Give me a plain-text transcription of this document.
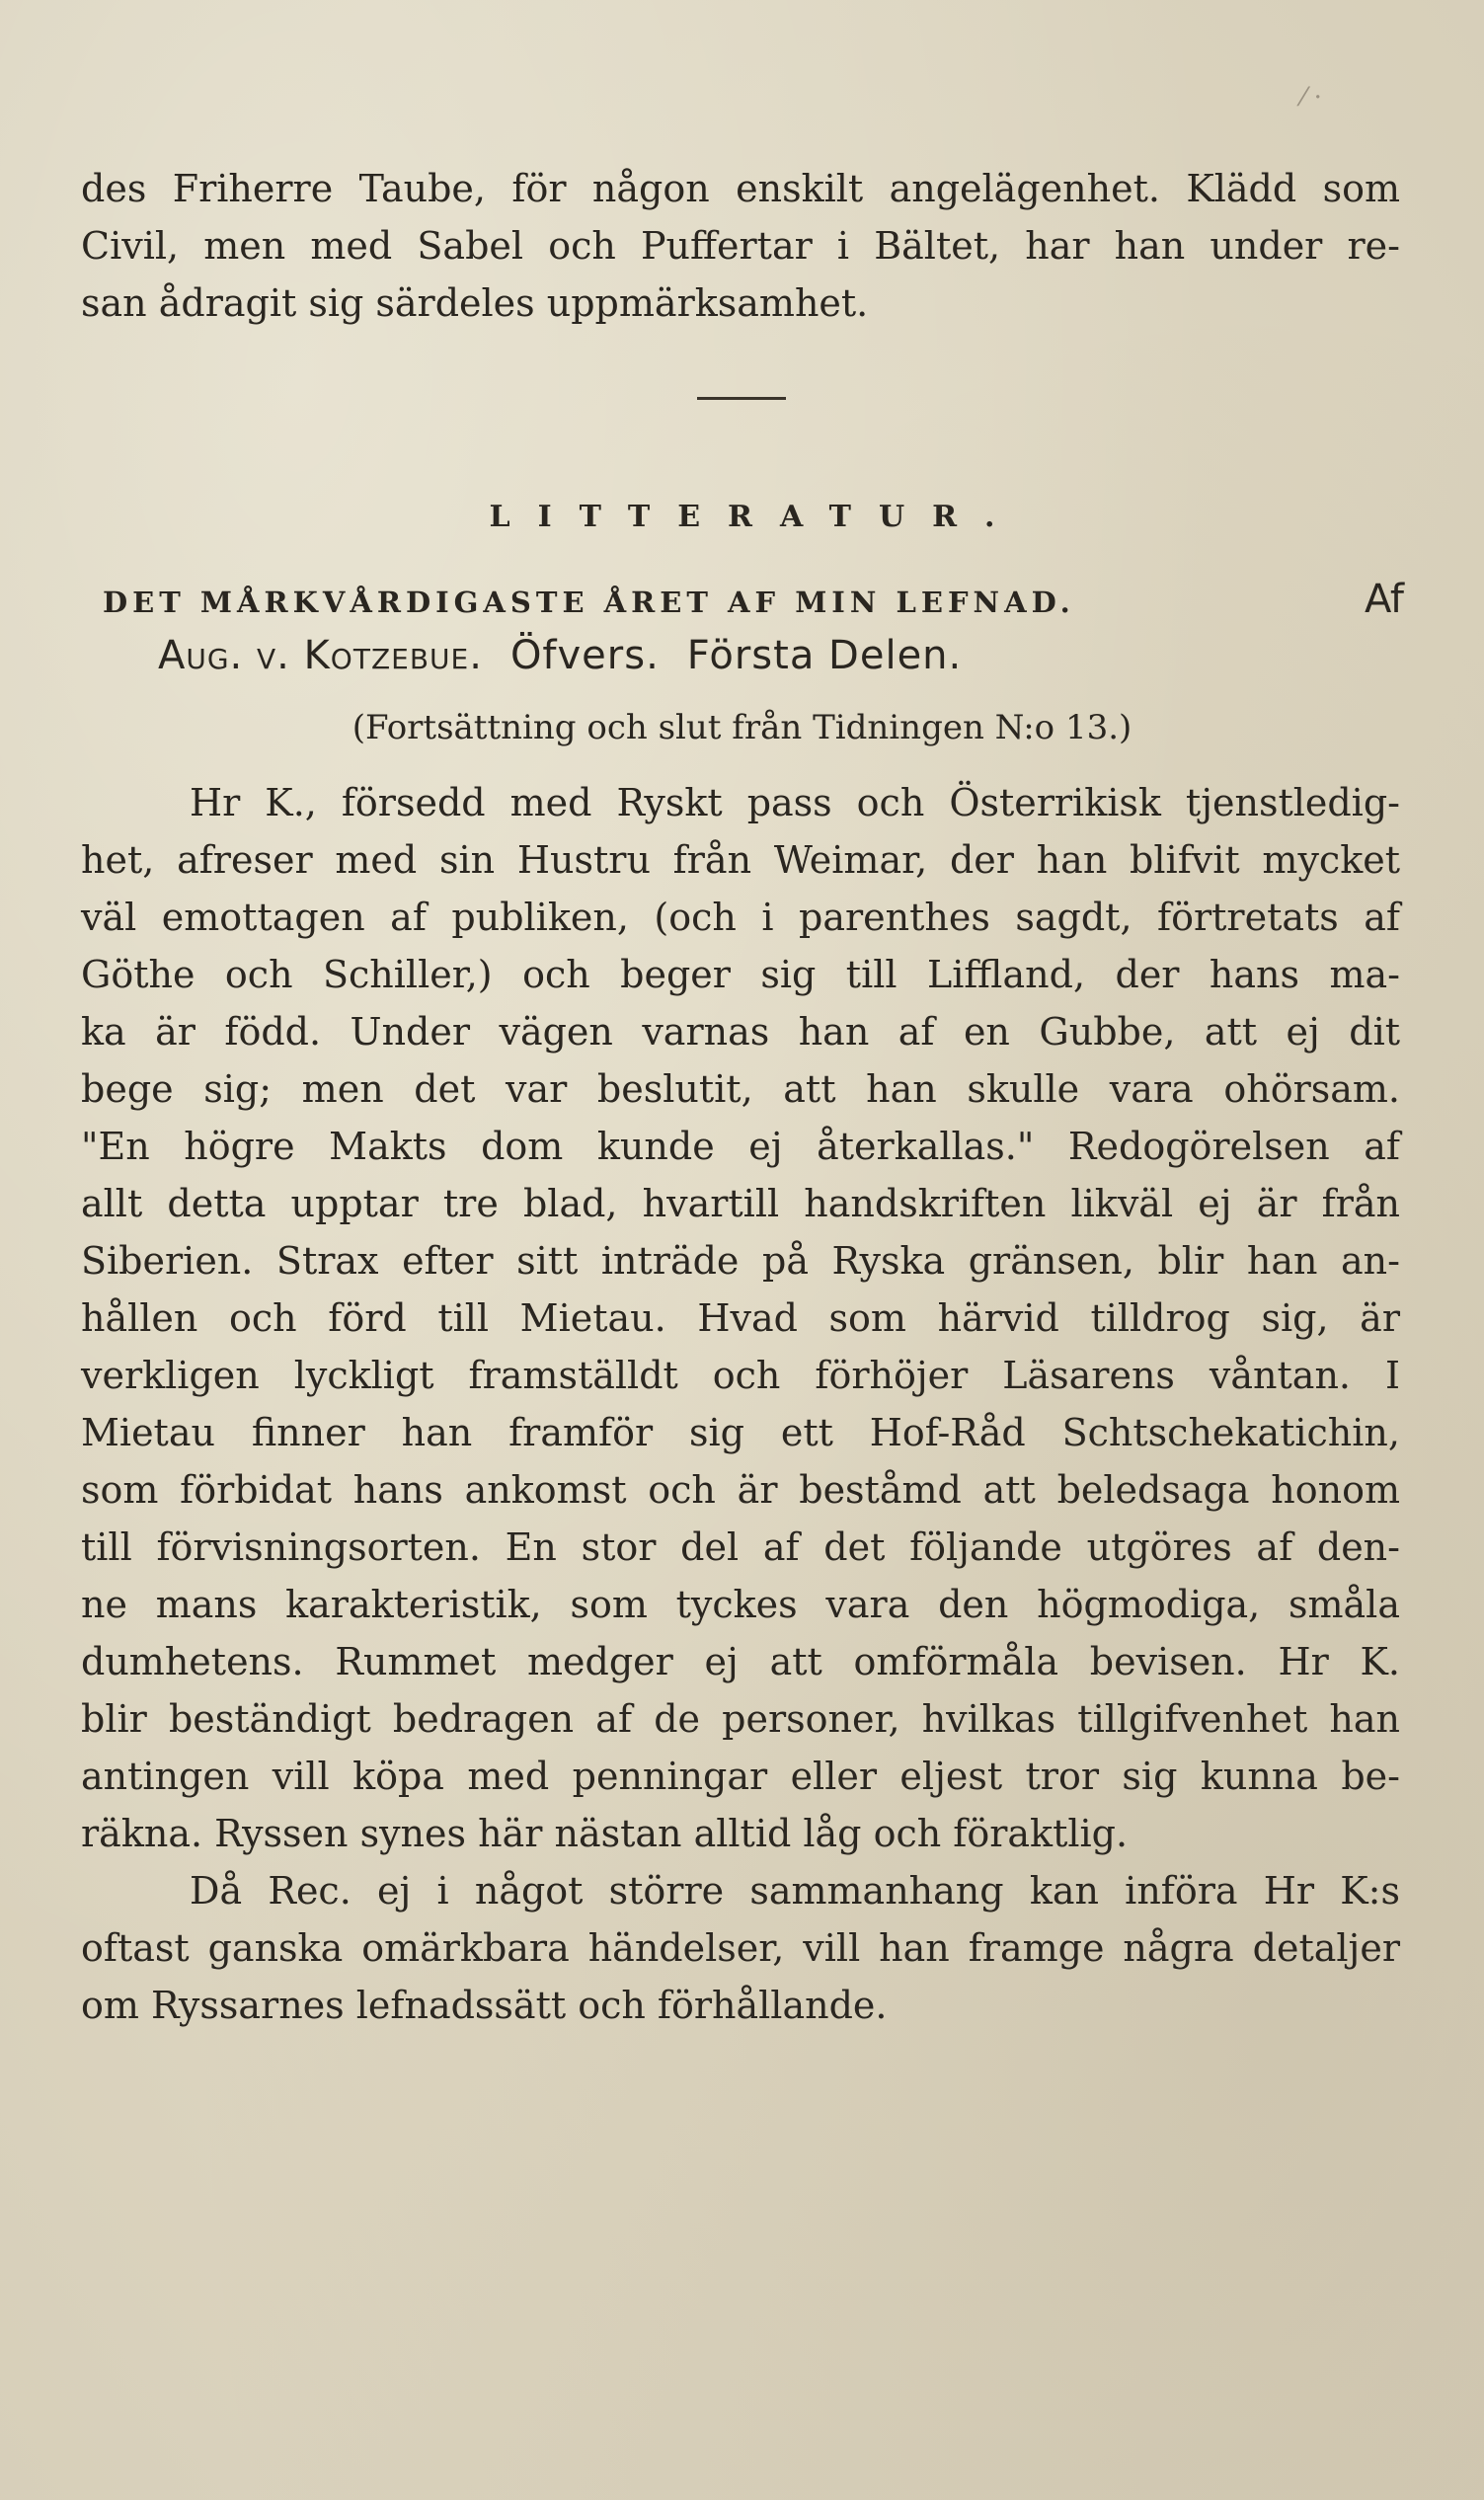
⁄ ·
des Friherre Taube, för någon enskilt angelägenhet. Klädd som
Civil, men med Sabel och Puffertar i Bältet, har han under re-
san ådragit sig särdeles uppmärksamhet.
LITTERATUR.
DET MÅRKVÅRDIGASTE ÅRET AF MIN LEFNAD.	Af
Aug. v. Kotzebue. Öfvers. Första Delen.
(Fortsättning och slut från Tidningen N:o 13.)
Hr K., försedd med Ryskt pass och Österrikisk tjenstledig-
het, afreser med sin Hustru från Weimar, der han blifvit mycket
väl emottagen af publiken, (och i parenthes sagdt, förtretats af
Göthe och Schiller,) och beger sig till Liffland, der hans ma-
ka är född. Under vägen varnas han af en Gubbe, att ej dit
bege sig; men det var beslutit, att han skulle vara ohörsam.
"En högre Makts dom kunde ej återkallas." Redogörelsen af
allt detta upptar tre blad, hvartill handskriften likväl ej är från
Siberien. Strax efter sitt inträde på Ryska gränsen, blir han an-
hållen och förd till Mietau. Hvad som härvid tilldrog sig, är
verkligen lyckligt framställdt och förhöjer Läsarens våntan. I
Mietau finner han framför sig ett Hof-Råd Schtschekatichin,
som förbidat hans ankomst och är beståmd att beledsaga honom
till förvisningsorten. En stor del af det följande utgöres af den-
ne mans karakteristik, som tyckes vara den högmodiga, småla
dumhetens. Rummet medger ej att omförmåla bevisen. Hr K.
blir beständigt bedragen af de personer, hvilkas tillgifvenhet han
antingen vill köpa med penningar eller eljest tror sig kunna be-
räkna. Ryssen synes här nästan alltid låg och föraktlig.
Då Rec. ej i något större sammanhang kan införa Hr K:s
oftast ganska omärkbara händelser, vill han framge några detaljer
om Ryssarnes lefnadssätt och förhållande.
